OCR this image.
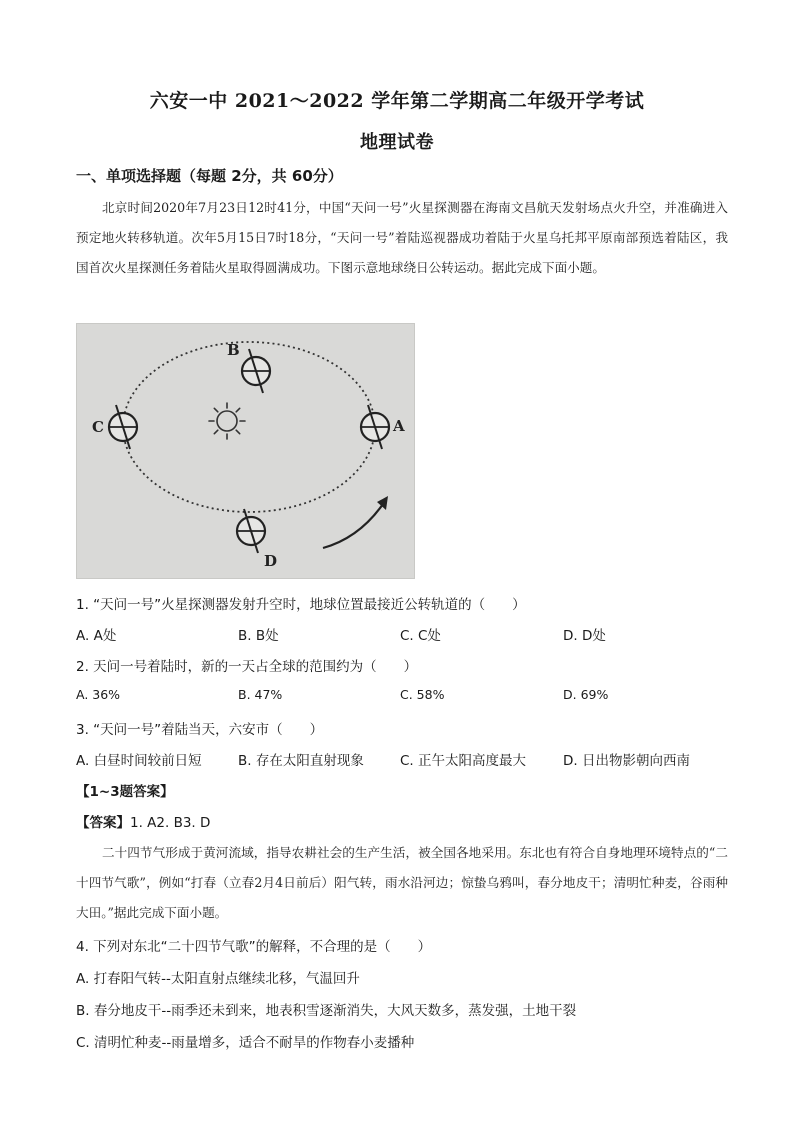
六安一中 2021～2022 学年第二学期高二年级开学考试
地理试卷
一、单项选择题（每题 2分，共 60分）
北京时间2020年7月23日12时41分，中国“天问一号”火星探测器在海南文昌航天发射场点火升空，并准确进入预定地火转移轨道。次年5月15日7时18分，“天问一号”着陆巡视器成功着陆于火星乌托邦平原南部预选着陆区，我国首次火星探测任务着陆火星取得圆满成功。下图示意地球绕日公转运动。据此完成下面小题。
B
C	A
D
1. “天问一号”火星探测器发射升空时，地球位置最接近公转轨道的（　　）
A. A处	B. B处	C. C处	D. D处
2. 天问一号着陆时，新的一天占全球的范围约为（　　）
A. 36%	B. 47%	C. 58%	D. 69%
3. “天问一号”着陆当天，六安市（　　）
A. 白昼时间较前日短	B. 存在太阳直射现象	C. 正午太阳高度最大	D. 日出物影朝向西南
【1~3题答案】
【答案】1. A2. B3. D
二十四节气形成于黄河流域，指导农耕社会的生产生活，被全国各地采用。东北也有符合自身地理环境特点的“二十四节气歌”，例如“打春（立春2月4日前后）阳气转，雨水沿河边；惊蛰乌鸦叫，春分地皮干；清明忙种麦，谷雨种大田。”据此完成下面小题。
4. 下列对东北“二十四节气歌”的解释，不合理的是（　　）
A. 打春阳气转--太阳直射点继续北移，气温回升
B. 春分地皮干--雨季还未到来，地表积雪逐渐消失，大风天数多，蒸发强，土地干裂
C. 清明忙种麦--雨量增多，适合不耐旱的作物春小麦播种
